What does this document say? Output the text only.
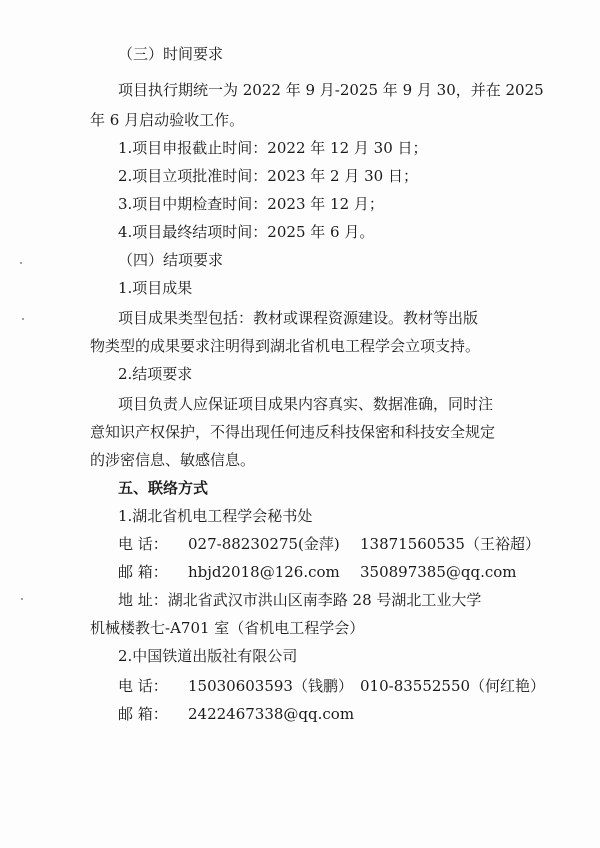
（三）时间要求
项目执行期统一为 2022 年 9 月-2025 年 9 月 30，并在 2025
年 6 月启动验收工作。
1.项目申报截止时间：2022 年 12 月 30 日；
2.项目立项批准时间：2023 年 2 月 30 日；
3.项目中期检查时间：2023 年 12 月；
4.项目最终结项时间：2025 年 6 月。
（四）结项要求
1.项目成果
项目成果类型包括：教材或课程资源建设。教材等出版
物类型的成果要求注明得到湖北省机电工程学会立项支持。
2.结项要求
项目负责人应保证项目成果内容真实、数据准确，同时注
意知识产权保护，不得出现任何违反科技保密和科技安全规定
的涉密信息、敏感信息。
五、联络方式
1.湖北省机电工程学会秘书处
电 话： 027-88230275(金萍) 13871560535（王裕超）
邮 箱： hbjd2018@126.com 350897385@qq.com
地 址：湖北省武汉市洪山区南李路 28 号湖北工业大学
机械楼教七-A701 室（省机电工程学会）
2.中国铁道出版社有限公司
电 话： 15030603593（钱鹏） 010-83552550（何红艳）
邮 箱： 2422467338@qq.com
